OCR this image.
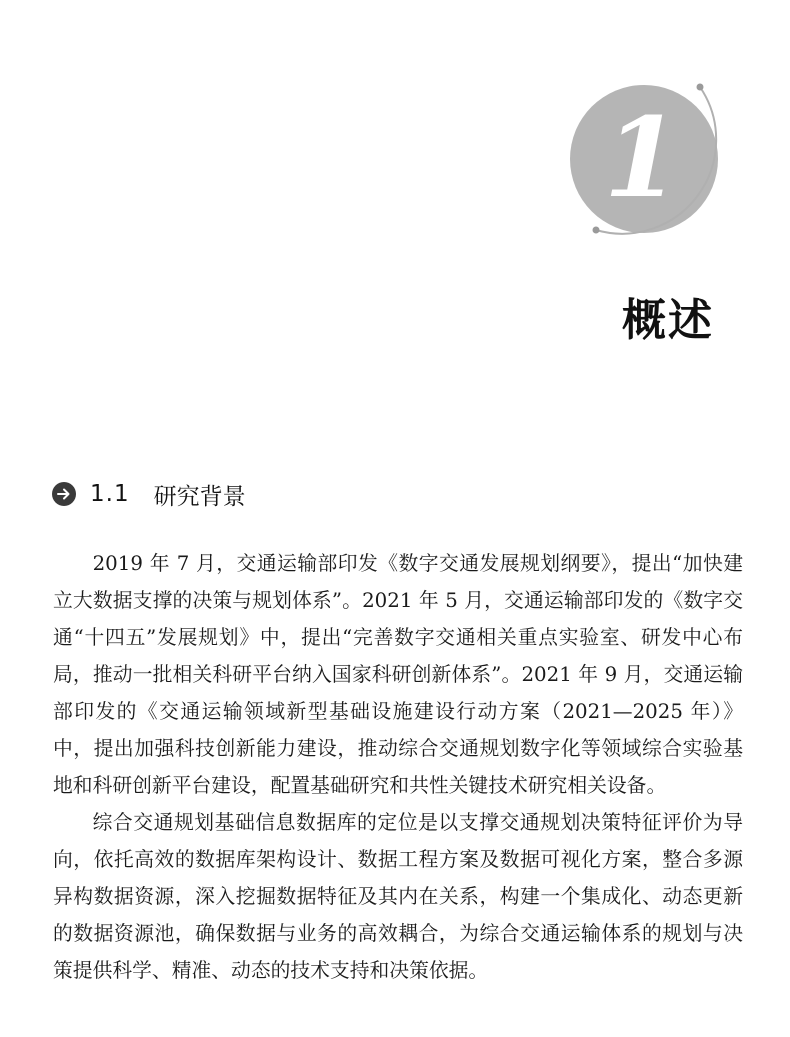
1
概述
1.1 研究背景

2019 年 7 月，交通运输部印发《数字交通发展规划纲要》，提出“加快建立大数据支撑的决策与规划体系”。2021 年 5 月，交通运输部印发的《数字交通“十四五”发展规划》中，提出“完善数字交通相关重点实验室、研发中心布局，推动一批相关科研平台纳入国家科研创新体系”。2021 年 9 月，交通运输部印发的《交通运输领域新型基础设施建设行动方案（2021—2025 年）》中，提出加强科技创新能力建设，推动综合交通规划数字化等领域综合实验基地和科研创新平台建设，配置基础研究和共性关键技术研究相关设备。

综合交通规划基础信息数据库的定位是以支撑交通规划决策特征评价为导向，依托高效的数据库架构设计、数据工程方案及数据可视化方案，整合多源异构数据资源，深入挖掘数据特征及其内在关系，构建一个集成化、动态更新的数据资源池，确保数据与业务的高效耦合，为综合交通运输体系的规划与决策提供科学、精准、动态的技术支持和决策依据。
